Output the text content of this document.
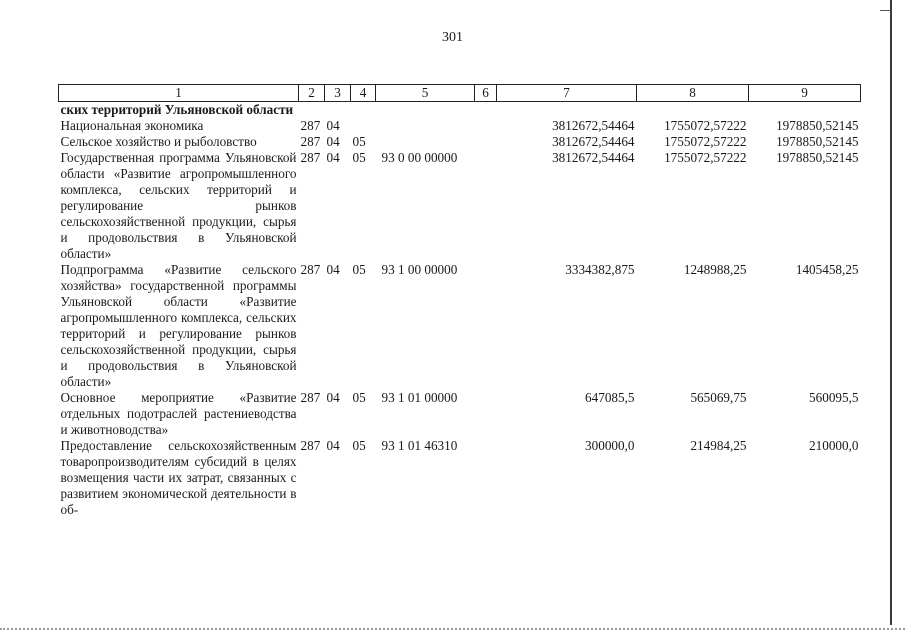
301
1	2	3	4	5	6	7	8	9
ских территорий Ульяновской области								
Национальная экономика	287	04				3812672,54464	1755072,57222	1978850,52145
Сельское хозяйство и рыболовство	287	04	05			3812672,54464	1755072,57222	1978850,52145
Государственная программа Ульяновской области «Развитие агропромышленного комплекса, сельских территорий и регулирование рынков сельскохозяйственной продукции, сырья и продовольствия в Ульяновской области»	287	04	05	93 0 00 00000		3812672,54464	1755072,57222	1978850,52145
Подпрограмма «Развитие сельского хозяйства» государственной программы Ульяновской области «Развитие агропромышленного комплекса, сельских территорий и регулирование рынков сельскохозяйственной продукции, сырья и продовольствия в Ульяновской области»	287	04	05	93 1 00 00000		3334382,875	1248988,25	1405458,25
Основное мероприятие «Развитие отдельных подотраслей растениеводства и животноводства»	287	04	05	93 1 01 00000		647085,5	565069,75	560095,5
Предоставление сельскохозяйственным товаропроизводителям субсидий в целях возмещения части их затрат, связанных с развитием экономической деятельности в об-	287	04	05	93 1 01 46310		300000,0	214984,25	210000,0
